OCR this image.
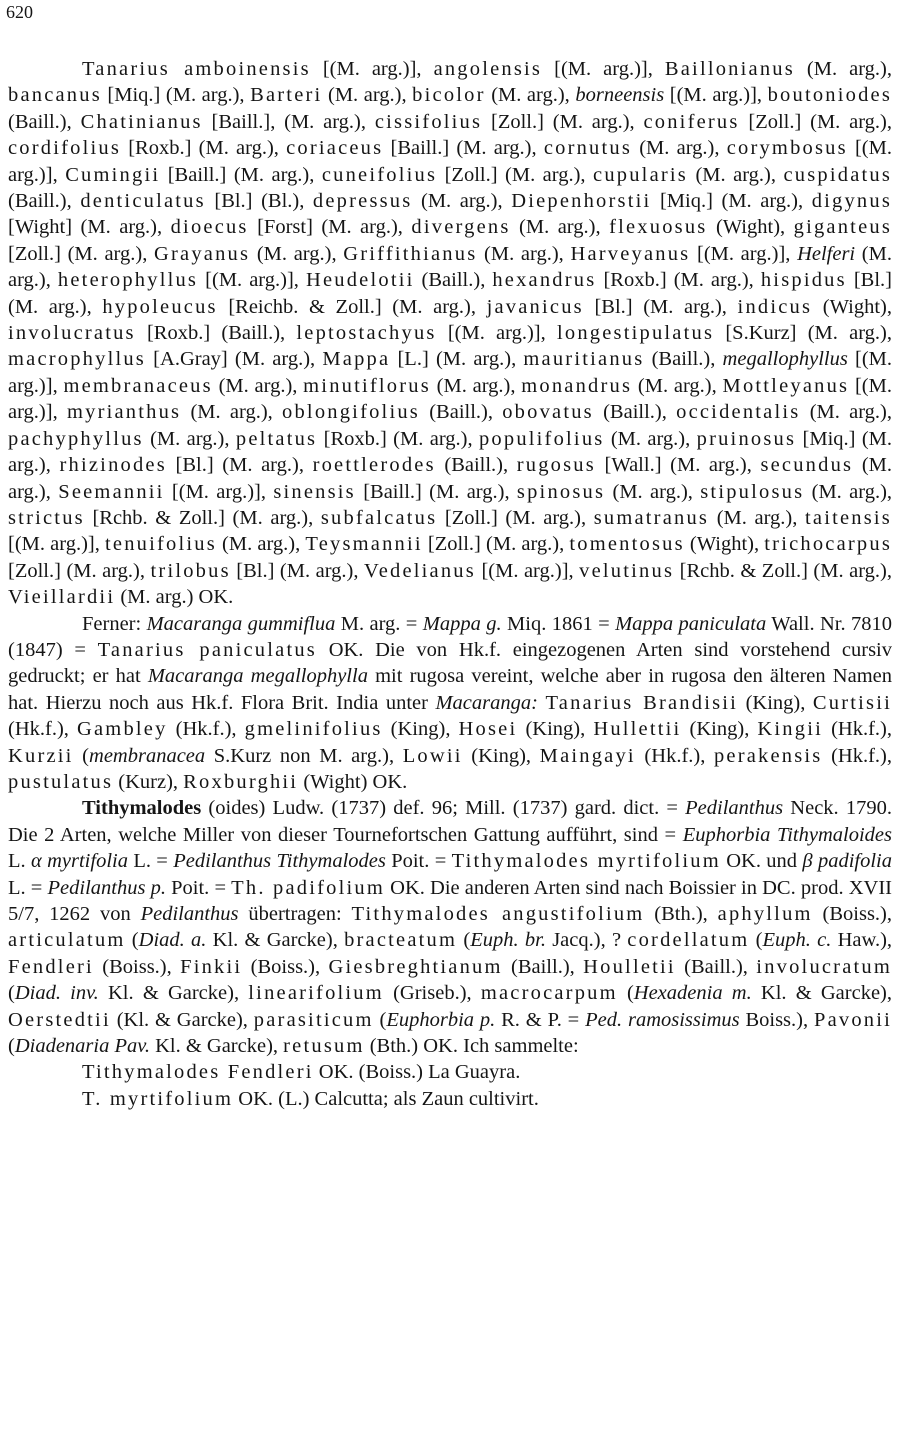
620

Tanarius amboinensis [(M. arg.)], angolensis [(M. arg.)], Baillonianus (M. arg.), bancanus [Miq.] (M. arg.), Barteri (M. arg.), bicolor (M. arg.), borneensis [(M. arg.)], boutoniodes (Baill.), Chatinianus [Baill.], (M. arg.), cissifolius [Zoll.] (M. arg.), coniferus [Zoll.] (M. arg.), cordifolius [Roxb.] (M. arg.), coriaceus [Baill.] (M. arg.), cornutus (M. arg.), corymbosus [(M. arg.)], Cumingii [Baill.] (M. arg.), cuneifolius [Zoll.] (M. arg.), cupularis (M. arg.), cuspidatus (Baill.), denticulatus [Bl.] (Bl.), depressus (M. arg.), Diepenhorstii [Miq.] (M. arg.), digynus [Wight] (M. arg.), dioecus [Forst] (M. arg.), divergens (M. arg.), flexuosus (Wight), giganteus [Zoll.] (M. arg.), Grayanus (M. arg.), Griffithianus (M. arg.), Harveyanus [(M. arg.)], Helferi (M. arg.), heterophyllus [(M. arg.)], Heudelotii (Baill.), hexandrus [Roxb.] (M. arg.), hispidus [Bl.] (M. arg.), hypoleucus [Reichb. & Zoll.] (M. arg.), javanicus [Bl.] (M. arg.), indicus (Wight), involucratus [Roxb.] (Baill.), leptostachyus [(M. arg.)], longestipulatus [S.Kurz] (M. arg.), macrophyllus [A.Gray] (M. arg.), Mappa [L.] (M. arg.), mauritianus (Baill.), megallophyllus [(M. arg.)], membranaceus (M. arg.), minutiflorus (M. arg.), monandrus (M. arg.), Mottleyanus [(M. arg.)], myrianthus (M. arg.), oblongifolius (Baill.), obovatus (Baill.), occidentalis (M. arg.), pachyphyllus (M. arg.), peltatus [Roxb.] (M. arg.), populifolius (M. arg.), pruinosus [Miq.] (M. arg.), rhizinodes [Bl.] (M. arg.), roettlerodes (Baill.), rugosus [Wall.] (M. arg.), secundus (M. arg.), Seemannii [(M. arg.)], sinensis [Baill.] (M. arg.), spinosus (M. arg.), stipulosus (M. arg.), strictus [Rchb. & Zoll.] (M. arg.), subfalcatus [Zoll.] (M. arg.), sumatranus (M. arg.), taitensis [(M. arg.)], tenuifolius (M. arg.), Teysmannii [Zoll.] (M. arg.), tomentosus (Wight), trichocarpus [Zoll.] (M. arg.), trilobus [Bl.] (M. arg.), Vedelianus [(M. arg.)], velutinus [Rchb. & Zoll.] (M. arg.), Vieillardii (M. arg.) OK.

Ferner: Macaranga gummiflua M. arg. = Mappa g. Miq. 1861 = Mappa paniculata Wall. Nr. 7810 (1847) = Tanarius paniculatus OK. Die von Hk.f. eingezogenen Arten sind vorstehend cursiv gedruckt; er hat Macaranga megallophylla mit rugosa vereint, welche aber in rugosa den älteren Namen hat. Hierzu noch aus Hk.f. Flora Brit. India unter Macaranga: Tanarius Brandisii (King), Curtisii (Hk.f.), Gambley (Hk.f.), gmelinifolius (King), Hosei (King), Hullettii (King), Kingii (Hk.f.), Kurzii (membranacea S.Kurz non M. arg.), Lowii (King), Maingayi (Hk.f.), perakensis (Hk.f.), pustulatus (Kurz), Roxburghii (Wight) OK.

Tithymalodes (oides) Ludw. (1737) def. 96; Mill. (1737) gard. dict. = Pedilanthus Neck. 1790. Die 2 Arten, welche Miller von dieser Tournefortschen Gattung aufführt, sind = Euphorbia Tithymaloides L. α myrtifolia L. = Pedilanthus Tithymalodes Poit. = Tithymalodes myrtifolium OK. und β padifolia L. = Pedilanthus p. Poit. = Th. padifolium OK. Die anderen Arten sind nach Boissier in DC. prod. XVII 5/7, 1262 von Pedilanthus übertragen: Tithymalodes angustifolium (Bth.), aphyllum (Boiss.), articulatum (Diad. a. Kl. & Garcke), bracteatum (Euph. br. Jacq.), ? cordellatum (Euph. c. Haw.), Fendleri (Boiss.), Finkii (Boiss.), Giesbreghtianum (Baill.), Houlletii (Baill.), involucratum (Diad. inv. Kl. & Garcke), linearifolium (Griseb.), macrocarpum (Hexadenia m. Kl. & Garcke), Oerstedtii (Kl. & Garcke), parasiticum (Euphorbia p. R. & P. = Ped. ramosissimus Boiss.), Pavonii (Diadenaria Pav. Kl. & Garcke), retusum (Bth.) OK. Ich sammelte:

Tithymalodes Fendleri OK. (Boiss.) La Guayra.

T. myrtifolium OK. (L.) Calcutta; als Zaun cultivirt.
